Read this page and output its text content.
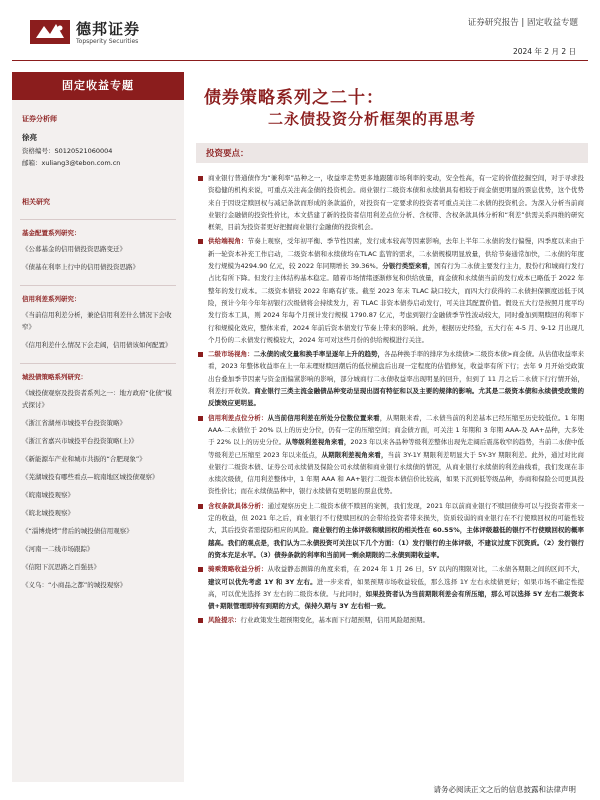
德邦证券
Topsperity Securities
证券研究报告 | 固定收益专题
2024 年 2 月 2 日
固定收益专题
证券分析师
徐亮
资格编号：S0120521060004
邮箱：xuliang3@tebon.com.cn
相关研究
基金配置系列研究：
《公募基金的信用债投资思路变迁》
《债基在利率上行中的信用债投资思路》
信用利差系列研究：
《当前信用利差分析，兼论信用利差什么情况下会收窄》
《信用利差什么情况下会走阔，信用债该如何配置》
城投债策略系列研究：
《城投债观察及投资者系列之一：地方政府“化债”模式探讨》
《浙江省湖州市城投平台投资策略》
《浙江省嘉兴市城投平台投资策略(上)》
《新能源车产业和城市共振的“合肥现象”》
《芜湖城投有哪些看点—皖南地区城投债观察》
《皖南城投观察》
《皖北城投观察》
《“淄博烧烤”背后的城投债信用观察》
《河南一二线市场跟踪》
《信阳下沉思路之百强县》
《义乌：“小商品之都”的城投观察》
债券策略系列之二十：
二永债投资分析框架的再思考
投资要点：
商业银行普通债作为“兼利率”品种之一，收益率走势更多地跟随市场利率的变动，安全性高，有一定的价值挖掘空间，对于寻求投资稳健的机构来说，可重点关注高金债的投资机会。商业银行二级资本债和永续债具有相较于商金债更明显的票息优势，这个优势来自于因设定赎回权与减记条款而形成的条款溢价，对投资有一定要求的投资者可重点关注二永债的投资机会。为深入分析当前商业银行金融债的投资性价比，本文搭建了新的投资者信用利差点位分析、含权带、含权条款具体分析和“利差”供需关系四维的研究框架，目前为投资者更好把握商业银行金融债的投资机会。
供给端视角：节奏上观察，受年初平衡、季节性因素，发行成本较高等因素影响，去年上半年二永债的发行偏慢，四季度以来由于新一轮资本补充工作启动，二级资本债和永续债均在TLAC 监管的需求，二永债规模明显放量，供给节奏通常加快，二永债的年度发行规模为4294.90 亿元，较 2022 年同期增长 39.36%。分银行类型来看，国有行为二永债主要发行主力，股份行和城商行发行占比有所下降。但发行主体结构基本稳定。随着市场情绪逐渐修复和供给放量，商金债和永续债当前的发行成本已略低于 2022 年整年的发行成本。二级资本债较 2022 年略有扩张。截至 2023 年末 TLAC 缺口较大，而四大行获得的二永债担保额度远低于风险，预计今年今年年初银行次级债将会持续发力，若 TLAC 非资本债券启动发行，可关注其配置价值。假设五大行是按照月度平均发行资本工具，则 2024 年每个月预计发行规模 1790.87 亿元，考虑到银行金融债季节性波动较大，同时叠加到期赎回的利率下行和规模化效应，整体来看，2024 年前后资本债发行节奏上带来的影响。此外，根据历史经验，五大行在 4-5 月、9-12 月出现几个月份的二永债发行规模较大，2024 年可对这些月份的供给规模进行关注。
二级市场视角：二永债的成交量和换手率呈逐年上升的趋势，各品种换手率的排序为永续债>二级资本债>商金债。从估值收益率来看，2023 年整体收益率在上一年末理财赎回潮后的低位横盘后出现一定程度的估值修复，收益率有所下行；去年 9 月开始受政策出台叠加季节因素与资金面偏紧影响的影响，部分城商行二永债收益率出现明显的回升，但到了 11 月之后二永债下行行情开始，利差打开收敛。商业银行三类主流金融债品种变动呈现出固有特征和以及主要的规律的影响。尤其是二级资本债和永续债受政策的反馈效应更明显。
信用利差点位分析：从当前信用利差在所处分位数位置来看，从期限来看，二永债当前的利差基本已经压缩至历史较低位。1 年期 AAA-二永债位于 20% 以上的历史分位，仍有一定的压缩空间；商金债方面，可关注 1 年期和 3 年期 AAA-及 AA+品种，大多处于 22% 以上的历史分位。从等级利差视角来看，2023 年以来各品种等级利差整体出现先走阔后震荡收窄的趋势，当前二永债中低等级利差已压缩至 2023 年以来低点，从期限利差视角来看，当前 3Y-1Y 期限利差明显大于 5Y-3Y 期限利差。此外，通过对比商业银行二级资本债、证券公司永续债及保险公司永续债和商业银行永续债的情况，从商业银行永续债的利差曲线看，我们发现在非永续次级债，信用利差整体中，1 年期 AAA 和 AA+银行二级资本债信价比较高，如果下沉到低等级品种，券商和保险公司更具投资性价比；而在永续债品种中，银行永续债有更明显的票息优势。
含权条款具体分析：通过观察历史上二级资本债不赎回的案例，我们发现，2021 年以前商业银行不赎回债券可以与投资者带来一定的收益，但 2021 年之后，商业银行不行使赎回权的会带给投资者带来损失，资质较弱的商业银行在不行使赎回权的可能性较大，其后投资者需提防相应的风险。商业银行的主体评级和赎回权的相关性在 60.55%，主体评级越低的银行不行使赎回权的概率越高。我们的观点是，我们认为二永债投资可关注以下几个方面：（1）发行银行的主体评级，不建议过度下沉资质。（2）发行银行的资本充足水平。（3）债券条款的利率和当前同一剩余期限的二永债到期收益率。
骑乘策略收益分析：从收益静态测算的角度来看，在 2024 年 1 月 26 日，5Y 以内的期限对比，二永债各期限之间的区间不大，建议可以优先考虑 1Y 和 3Y 左右。进一步来看，如果预期市场收益较低，那么选择 1Y 左右永续债更好；如果市场不确定性提高，可以优先选择 3Y 左右的二级资本债。与此同时，如果投资者认为当前期限利差会有所压缩，那么可以选择 5Y 左右二级资本债+期限管理即持有到期的方式，保持久期与 3Y 左右相一致。
风险提示：行业政策发生超预期变化，基本面下行超预期，信用风险超预期。
请务必阅读正文之后的信息披露和法律声明
